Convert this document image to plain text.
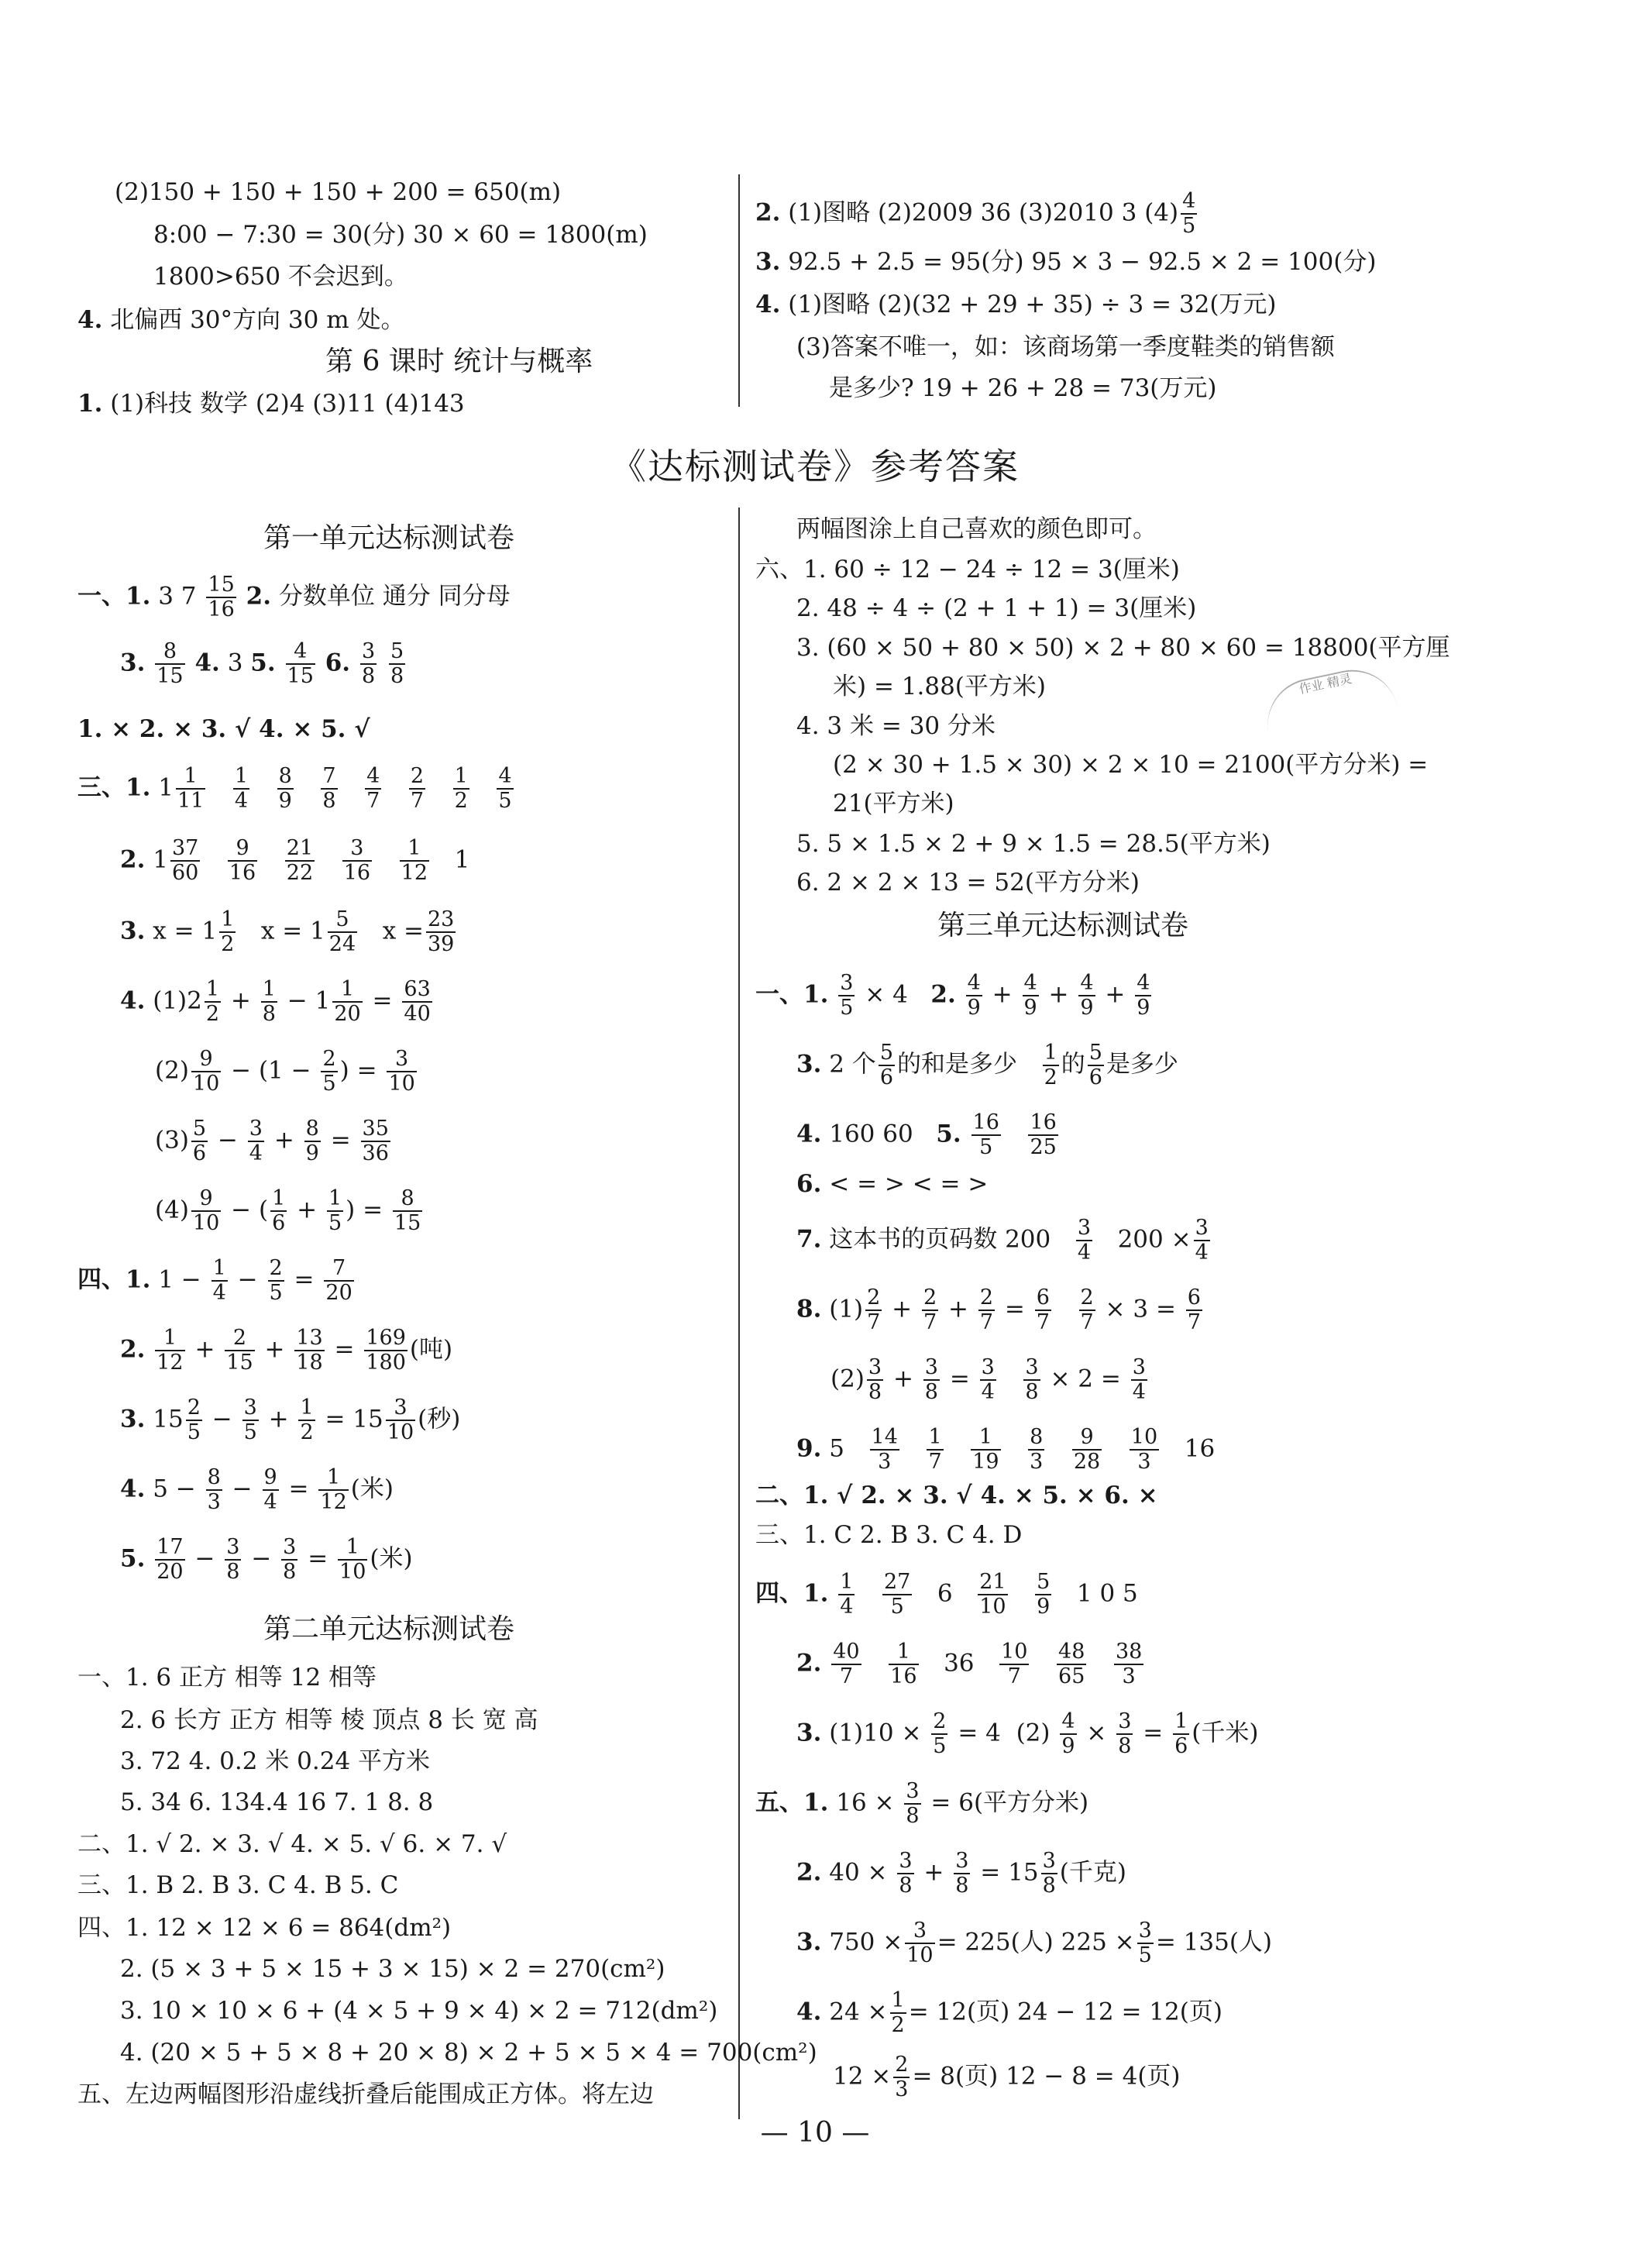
(2)150 + 150 + 150 + 200 = 650(m)
8:00 − 7:30 = 30(分) 30 × 60 = 1800(m)
1800>650 不会迟到。
4. 北偏西 30°方向 30 m 处。
第 6 课时 统计与概率
1. (1)科技 数学 (2)4 (3)11 (4)143
2. (1)图略 (2)2009 36 (3)2010 3 $(4) \frac{4}{5}$
3. 92.5 + 2.5 = 95(分) 95 × 3 − 92.5 × 2 = 100(分)
4. (1)图略 (2)(32 + 29 + 35) ÷ 3 = 32(万元)
(3)答案不唯一，如：该商场第一季度鞋类的销售额
是多少? 19 + 26 + 28 = 73(万元)
《达标测试卷》参考答案
第一单元达标测试卷
一、1. 3 $7 \frac{15}{16} 2$. 分数单位 通分 同分母
3. $\frac{8}{15} 4$. 3 5. $\frac{4}{15} 6$. $\frac{3}{8}$
$\frac{5}{8}$
1. × 2. × 3. √ 4. × 5. √
三、1. $1 \frac{1}{11}$
$\frac{1}{4}$
$\frac{8}{9}$
$\frac{7}{8}$
$\frac{4}{7}$
$\frac{2}{7}$
$\frac{1}{2}$
$\frac{4}{5}$
2. $1 \frac{37}{60}$
$\frac{9}{16}$
$\frac{21}{22}$
$\frac{3}{16}$
$\frac{1}{12} 1$
3. $x = 1 \frac{1}{2}$ $x = 1 \frac{5}{24}$ $x = \frac{23}{39}$
4. $(1)2 \frac{1}{2} + \frac{1}{8} - 1 \frac{1}{20} = \frac{63}{40}$
$(2) \frac{9}{10} - (1 - \frac{2}{5}$ ) = $\frac{3}{10}$
$(3) \frac{5}{6} - \frac{3}{4} + \frac{8}{9} = \frac{35}{36}$
$(4) \frac{9}{10}$ − ( $\frac{1}{6} + \frac{1}{5}$ ) = $\frac{8}{15}$
四、1. $1 - \frac{1}{4} - \frac{2}{5} = \frac{7}{20}$
2. $\frac{1}{12} + \frac{2}{15} + \frac{13}{18} = \frac{169}{180}$ (吨)
3. $15 \frac{2}{5} - \frac{3}{5} + \frac{1}{2} = 15 \frac{3}{10}$ (秒)
4. $5 - \frac{8}{3} - \frac{9}{4} = \frac{1}{12}$ (米)
5. $\frac{17}{20} - \frac{3}{8} - \frac{3}{8} = \frac{1}{10}$ (米)
第二单元达标测试卷
一、1. 6 正方 相等 12 相等
2. 6 长方 正方 相等 棱 顶点 8 长 宽 高
3. 72 4. 0.2 米 0.24 平方米
5. 34 6. 134.4 16 7. 1 8. 8
二、1. √ 2. × 3. √ 4. × 5. √ 6. × 7. √
三、1. B 2. B 3. C 4. B 5. C
四、1. 12 × 12 × 6 = 864(dm²)
2. (5 × 3 + 5 × 15 + 3 × 15) × 2 = 270(cm²)
3. 10 × 10 × 6 + (4 × 5 + 9 × 4) × 2 = 712(dm²)
4. (20 × 5 + 5 × 8 + 20 × 8) × 2 + 5 × 5 × 4 = 700(cm²)
五、左边两幅图形沿虚线折叠后能围成正方体。将左边
两幅图涂上自己喜欢的颜色即可。
六、1. 60 ÷ 12 − 24 ÷ 12 = 3(厘米)
2. 48 ÷ 4 ÷ (2 + 1 + 1) = 3(厘米)
3. (60 × 50 + 80 × 50) × 2 + 80 × 60 = 18800(平方厘
米) = 1.88(平方米)
4. 3 米 = 30 分米
(2 × 30 + 1.5 × 30) × 2 × 10 = 2100(平方分米) =
21(平方米)
5. 5 × 1.5 × 2 + 9 × 1.5 = 28.5(平方米)
6. 2 × 2 × 13 = 52(平方分米)
作业 精灵
第三单元达标测试卷
一、1. $\frac{3}{5} \times 4$   2. $\frac{4}{9} + \frac{4}{9} + \frac{4}{9} + \frac{4}{9}$
3. 2 个 $\frac{5}{6}$ 的和是多少 $\frac{1}{2}$ 的 $\frac{5}{6}$ 是多少
4. 160 60 5. $\frac{16}{5}$
$\frac{16}{25}$
6. < = > < = >
7. 这本书的页码数 $200 \frac{3}{4} 200 \times \frac{3}{4}$
8. $(1) \frac{2}{7} + \frac{2}{7} + \frac{2}{7} = \frac{6}{7}$
$\frac{2}{7} \times 3 = \frac{6}{7}$
$(2) \frac{3}{8} + \frac{3}{8} = \frac{3}{4}$
$\frac{3}{8} \times 2 = \frac{3}{4}$
9. $5 \frac{14}{3}$
$\frac{1}{7}$
$\frac{1}{19}$
$\frac{8}{3}$
$\frac{9}{28}$
$\frac{10}{3} 16$
二、1. √ 2. × 3. √ 4. × 5. × 6. ×
三、1. C 2. B 3. C 4. D
四、1. $\frac{1}{4}$
$\frac{27}{5} 6 \frac{21}{10}$
$\frac{5}{9} 1$ 0 5
2. $\frac{40}{7}$
$\frac{1}{16} 36 \frac{10}{7}$
$\frac{48}{65}$
$\frac{38}{3}$
3. $(1)10 \times \frac{2}{5} = 4$  $(2) \frac{4}{9} \times \frac{3}{8} = \frac{1}{6}$ (千米)
五、1. $16 \times \frac{3}{8} = 6$(平方分米)
2. $40 \times \frac{3}{8} + \frac{3}{8} = 15 \frac{3}{8}$ (千克)
3. $750 \times \frac{3}{10} = 225$(人) $225 \times \frac{3}{5} = 135$(人)
4. $24 \times \frac{1}{2} = 12$(页) 24 − 12 = 12(页)
$12 \times \frac{2}{3} = 8$(页) 12 − 8 = 4(页)
— 10 —
